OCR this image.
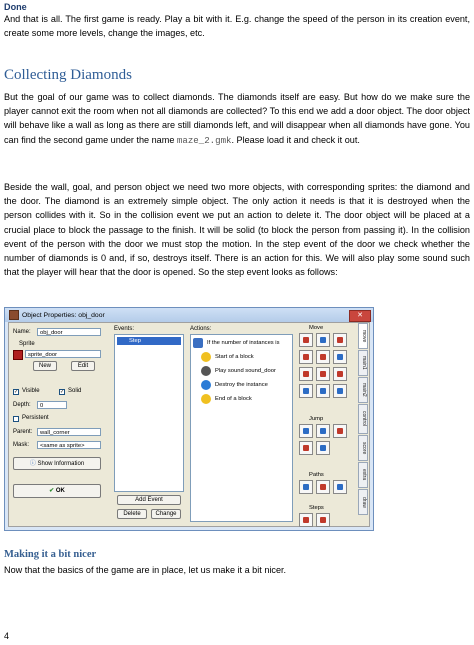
Done
And that is all. The first game is ready. Play a bit with it. E.g. change the speed of the person in its creation event, create some more levels, change the images, etc.
Collecting Diamonds
But the goal of our game was to collect diamonds. The diamonds itself are easy. But how do we make sure the player cannot exit the room when not all diamonds are collected? To this end we add a door object. The door object will behave like a wall as long as there are still diamonds left, and will disappear when all diamonds have gone. You can find the second game under the name maze_2.gmk. Please load it and check it out.
Beside the wall, goal, and person object we need two more objects, with corresponding sprites: the diamond and the door. The diamond is an extremely simple object. The only action it needs is that it is destroyed when the person collides with it. So in the collision event we put an action to delete it. The door object will be placed at a crucial place to block the passage to the finish. It will be solid (to block the person from passing it). In the collision event of the person with the door we must stop the motion. In the step event of the door we check whether the number of diamonds is 0 and, if so, destroys itself. There is an action for this. We will also play some sound such that the player will hear that the door is opened. So the step event looks as follows:
Object Properties: obj_door	✕
Name:	obj_door
Sprite
sprite_door
New	Edit
✓ Visible	✓ Solid
Depth:	0
Persistent
Parent:	wall_corner
Mask:	<same as sprite>
ⓘ Show Information
✔ OK
Events:
Step
Add Event
Delete	Change
Actions:
If the number of instances is
Start of a block
Play sound sound_door
Destroy the instance
End of a block
Move
Jump
Paths
Steps
move
main1
main2
control
score
extra
draw
Making it a bit nicer
Now that the basics of the game are in place, let us make it a bit nicer.
4
